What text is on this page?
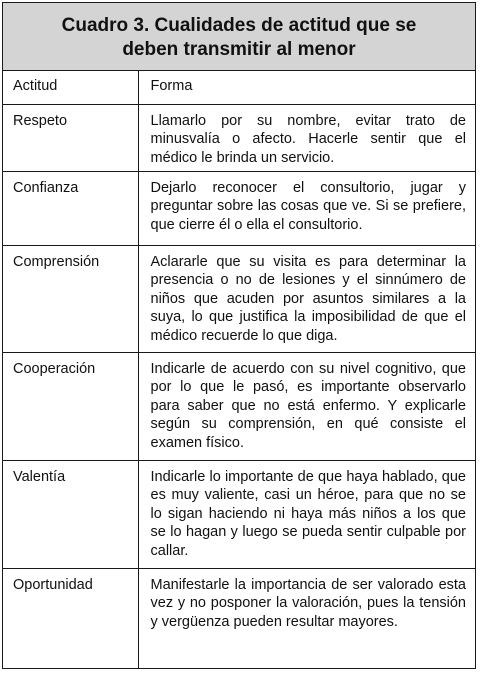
Cuadro 3. Cualidades de actitud que se
deben transmitir al menor
Actitud	Forma
Respeto	Llamarlo por su nombre, evitar trato de minusvalía o afecto. Hacerle sentir que el médico le brinda un servicio.
Confianza	Dejarlo reconocer el consultorio, jugar y preguntar sobre las cosas que ve. Si se prefiere, que cierre él o ella el consultorio.
Comprensión	Aclararle que su visita es para determinar la presencia o no de lesiones y el sinnúmero de niños que acuden por asuntos similares a la suya, lo que justifica la imposibilidad de que el médico recuerde lo que diga.
Cooperación	Indicarle de acuerdo con su nivel cognitivo, que por lo que le pasó, es importante observarlo para saber que no está enfermo. Y explicarle según su comprensión, en qué consiste el examen físico.
Valentía	Indicarle lo importante de que haya hablado, que es muy valiente, casi un héroe, para que no se lo sigan haciendo ni haya más niños a los que se lo hagan y luego se pueda sentir culpable por callar.
Oportunidad	Manifestarle la importancia de ser valorado esta vez y no posponer la valoración, pues la tensión y vergüenza pueden resultar mayores.
